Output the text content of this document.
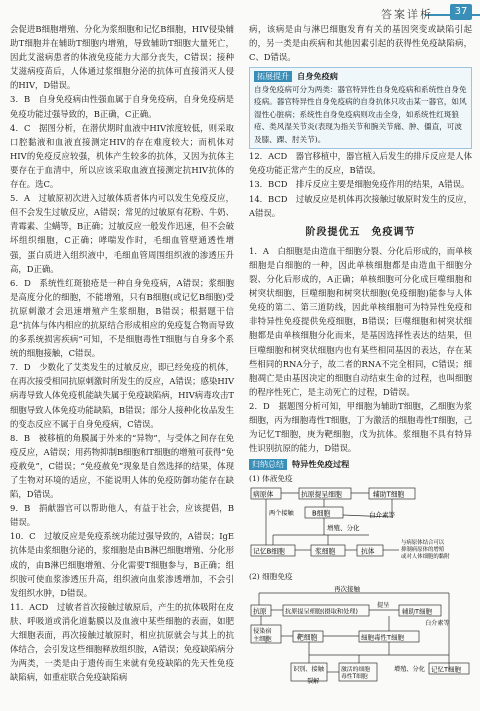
答案详析	37

会促进B细胞增殖、分化为浆细胞和记忆B细胞，HIV侵染辅助T细胞并在辅助T细胞内增殖，导致辅助T细胞大量死亡，因此艾滋病患者的体液免疫能力大部分丧失，C错误；接种艾滋病疫苗后，人体通过浆细胞分泌的抗体可直接消灭人侵的HIV，D错误。

3．B　自身免疫病由性强血属于自身免疫病，自身免疫病是免疫功能过强导致的，B正确，C正确。

4．C　据图分析，在潜伏期时血液中HIV浓度较低，则采取口腔黏液和血液直接测定HIV的存在难度较大；而机体对HIV的免疫反应较强，机体产生较多的抗体，又因为抗体主要存在于血清中，所以应该采取血液直接测定抗HIV抗体的存在。选C。

5．A　过敏原初次进入过敏体质者体内可以发生免疫反应，但不会发生过敏反应，A错误；常见的过敏原有花粉、牛奶、青霉素、尘螨等，B正确；过敏反应一般发作迅速，但不会破坏组织细胞，C正确；哮喘发作时，毛细血管壁通透性增强，蛋白质进入组织液中，毛细血管周围组织液的渗透压升高，D正确。

6．D　系统性红斑狼疮是一种自身免疫病，A错误；浆细胞是高度分化的细胞，不能增殖，只有B细胞(或记忆B细胞)受抗原刺激才会迅速增殖产生浆细胞，B错误；根据题干信息“抗体与体内相应的抗原结合形成相应的免疫复合物而导致的多系统损害疾病”可知，不是细胞毒性T细胞与自身多个系统的细胞接触，C错误。

7．D　少数化了艾类发生的过敏反应，即已经免疫的机体，在再次接受相同抗原刺激时所发生的反应，A错误；感染HIV病毒导致人体免疫机能缺失属于免疫缺陷病，HIV病毒攻击T细胞导致人体免疫功能缺陷，B错误；部分人接种化妆品发生的变态反应不属于自身免疫病，C错误。

8．B　被移植的角膜属于外来的“异物”，与受体之间存在免疫反应，A错误；用药物抑制B细胞和T细胞的增殖可获得“免疫赦免”，C错误；“免疫赦免”现象是自然选择的结果，体现了生物对环境的适应，不能说明人体的免疫防御功能存在缺陷，D错误。

9．B　捐献器官可以帮助他人，有益于社会，应该提倡，B错误。

10．C　过敏反应是免疫系统功能过强导致的，A错误；IgE抗体是由浆细胞分泌的，浆细胞是由B淋巴细胞增殖、分化形成的，由B淋巴细胞增殖、分化需要T细胞参与，B正确；组织胺可使血浆渗透压升高，组织液向血浆渗透增加，不会引发组织水肿，D错误。

11．ACD　过敏者首次接触过敏原后，产生的抗体吸附在皮肤、呼吸道或消化道黏膜以及血液中某些细胞的表面，如肥大细胞表面，再次接触过敏原时，相应抗原就会与其上的抗体结合，会引发这些细胞释放组织胺，A错误；免疫缺陷病分为两类，一类是由于遗传而生来就有免疫缺陷的先天性免疫缺陷病，如重症联合免疫缺陷病

病，该病是由与淋巴细胞发育有关的基因突变或缺陷引起的，另一类是由疾病和其他因素引起的获得性免疫缺陷病，C、D错误。

拓展提升 自身免疫病
自身免疫病可分为两类：器官特异性自身免疫病和系统性自身免疫病。器官特异性自身免疫病的自身抗体只攻击某一器官，如风湿性心脏病；系统性自身免疫病则攻击全身，如系统性红斑狼疮、类风湿关节炎(表现为指关节和腕关节痛、肿、僵直，可波及膝、踝、肘关节)。

12．ACD　器官移植中，器官植入后发生的排斥反应是人体免疫功能正常产生的反应，B错误。

13．BCD　排斥反应主要是细胞免疫作用的结果，A错误。

14．BCD　过敏反应是机体再次接触过敏原时发生的反应，A错误。

阶段提优五　免疫调节

1．A　白细胞是由造血干细胞分裂、分化后形成的，而单核细胞是白细胞的一种，因此单核细胞都是由造血干细胞分裂、分化后形成的，A正确；单核细胞可分化成巨噬细胞和树突状细胞，巨噬细胞和树突状细胞(免疫细胞)能参与人体免疫的第二、第三道防线，因此单核细胞可为特异性免疫和非特异性免疫提供免疫细胞，B错误；巨噬细胞和树突状细胞都是由单核细胞分化而来，是基因选择性表达的结果，但巨噬细胞和树突状细胞内也有某些相同基因的表达，存在某些相同的RNA分子，故二者的RNA不完全相同，C错误；细胞凋亡是由基因决定的细胞自动结束生命的过程，也叫细胞的程序性死亡，是主动死亡的过程，D错误。

2．D　据题图分析可知，甲细胞为辅助T细胞，乙细胞为浆细胞，丙为细胞毒性T细胞，丁为激活的细胞毒性T细胞，己为记忆T细胞，庚为靶细胞，戊为抗体。浆细胞不具有特异性识别抗原的能力，D错误。

归纳总结 特异性免疫过程
(1) 体液免疫
病原体	抗原提呈细胞	辅助T细胞
两个接触	B细胞	白介素等
增殖、分化
记忆B细胞	浆细胞	抗体
与病原体结合可以 抑制病原体的增殖 或对人体细胞的黏附
(2) 细胞免疫
再次接触
抗原	抗原提呈细胞(摄取和处理)
提呈
辅助T细胞
侵染宿主细胞
白介素等
靶细胞	细胞毒性T细胞
识别、接触
裂解
激活的细胞毒性T细胞
增殖、分化 记忆T细胞
